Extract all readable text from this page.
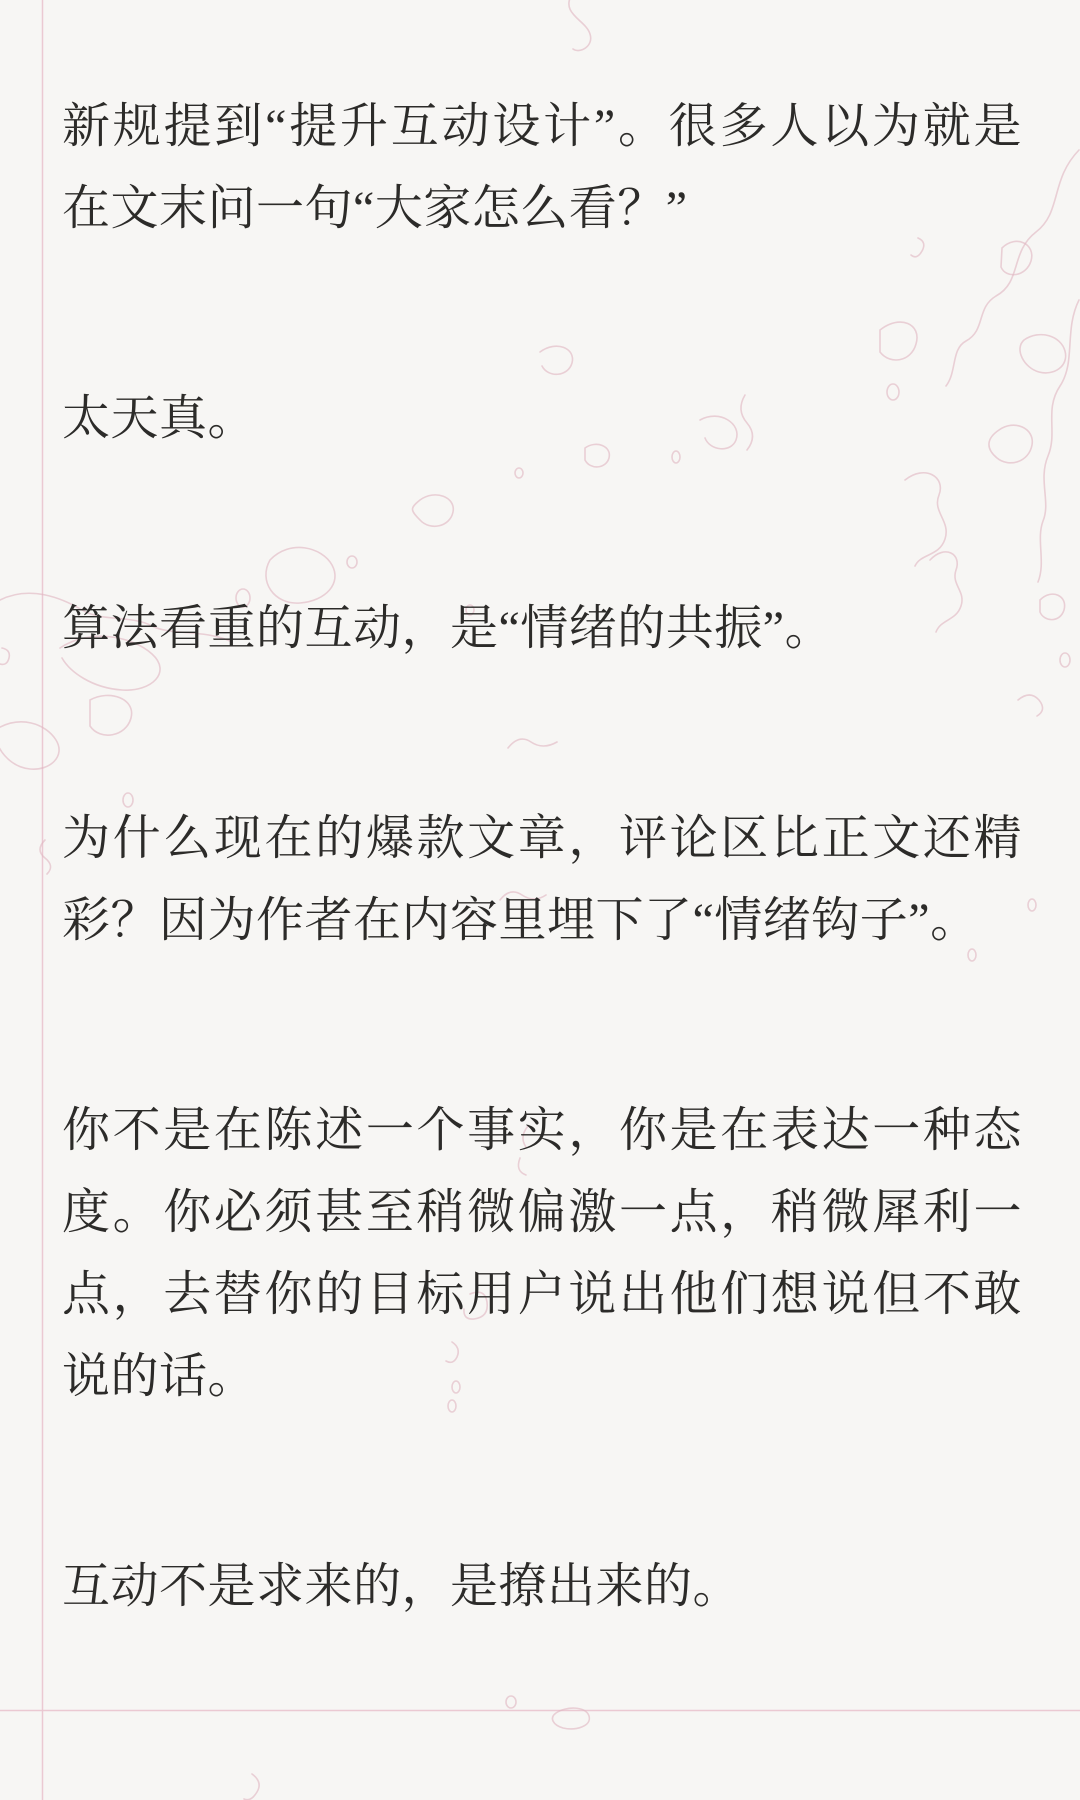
新规提到“提升互动设计”。很多人以为就是在文末问一句“大家怎么看？”

太天真。

算法看重的互动，是“情绪的共振”。

为什么现在的爆款文章，评论区比正文还精彩？因为作者在内容里埋下了“情绪钩子”。

你不是在陈述一个事实，你是在表达一种态度。你必须甚至稍微偏激一点，稍微犀利一点，去替你的目标用户说出他们想说但不敢说的话。

互动不是求来的，是撩出来的。
